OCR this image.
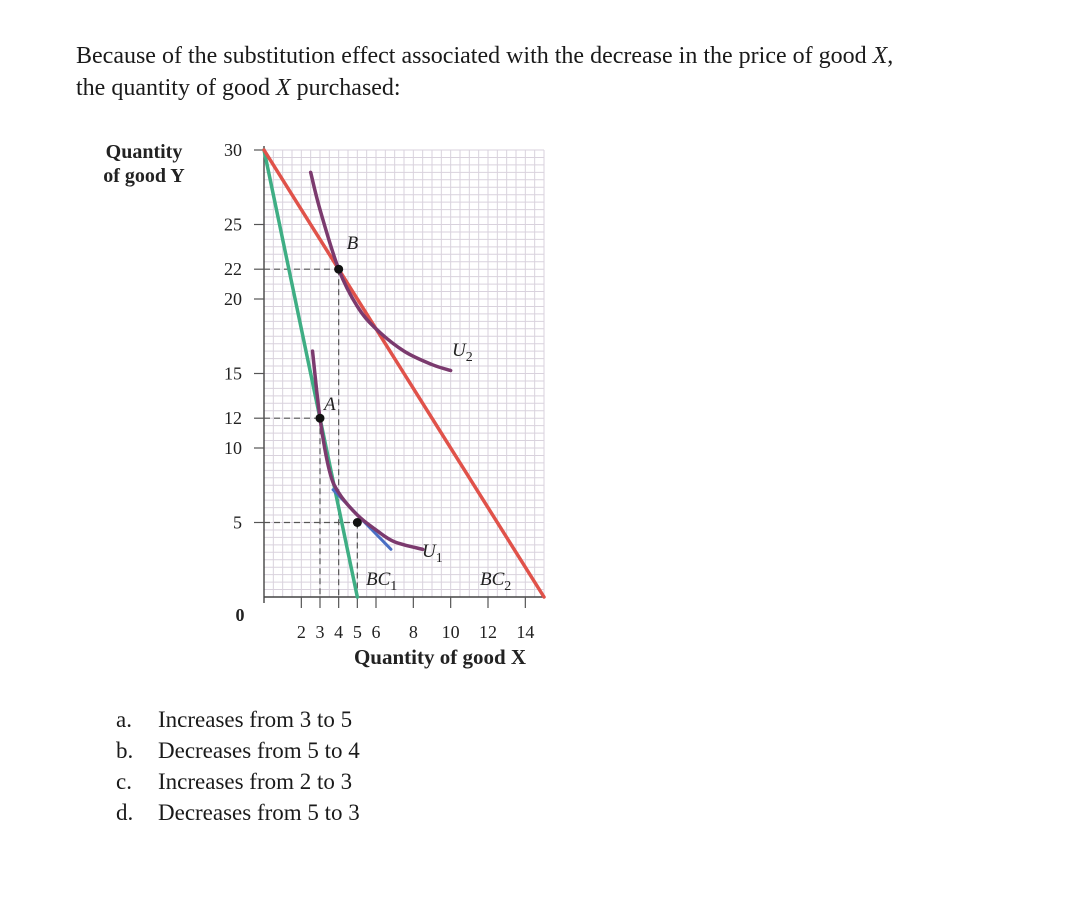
Because of the substitution effect associated with the decrease in the price of good X,
the quantity of good X purchased:

5
10
12
15
20
22
25
30
2 3 4 5 6 8 10 12 14
0
Quantity
of good Y
Quantity of good X
A
B
$BC_1$	$BC_2$
$U_1$
$U_2$
a.	Increases from 3 to 5
b.	Decreases from 5 to 4
c.	Increases from 2 to 3
d.	Decreases from 5 to 3
